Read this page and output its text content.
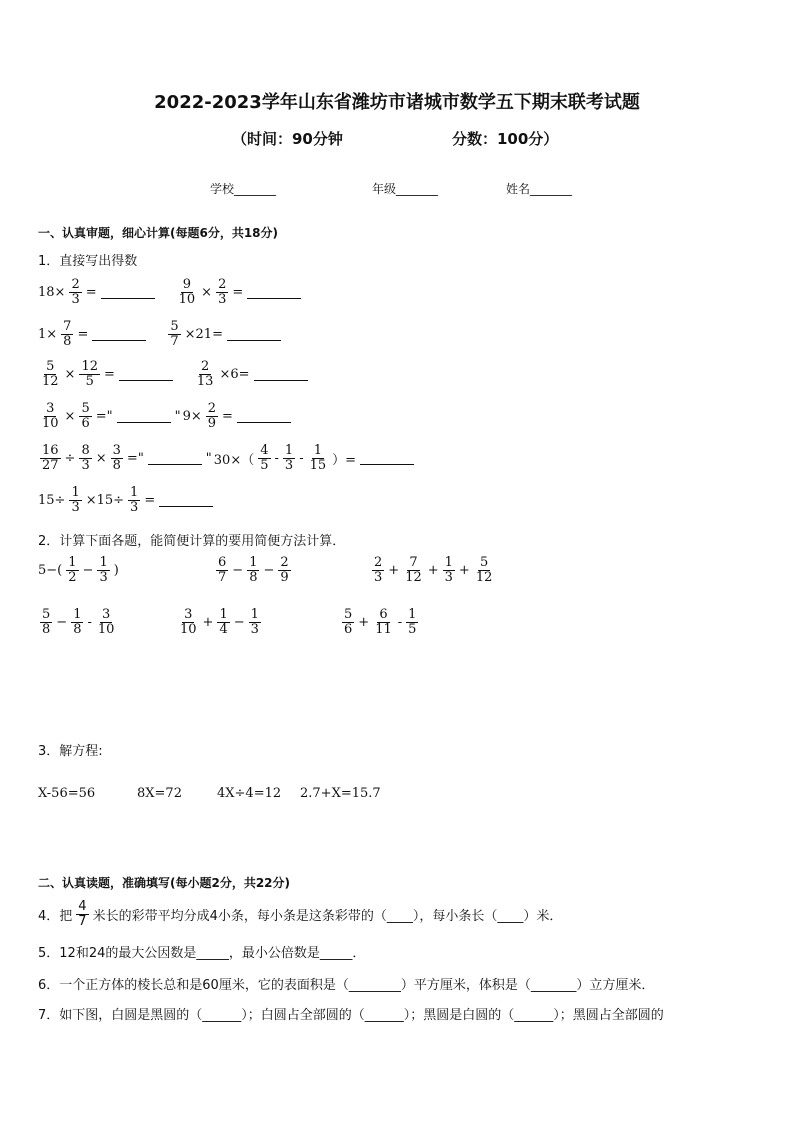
2022-2023学年山东省潍坊市诸城市数学五下期末联考试题
（时间：90分钟	分数：100分）
学校_______	年级_______	姓名_______
一、认真审题，细心计算(每题6分，共18分)
1．直接写出得数
$18\times \frac{2}{3}$ =	$\frac{9}{10} \times \frac{2}{3}$ =
$1\times \frac{7}{8}$ =	$\frac{5}{7} \times 21=$
$\frac{5}{12} \times \frac{12}{5}$ =	$\frac{2}{13} \times 6=$
$\frac{3}{10} \times \frac{5}{6}$ ="	" $9\times \frac{2}{9}$ =
$\frac{16}{27} \div \frac{8}{3} \times \frac{3}{8}$ ="	" $30\times( \frac{4}{5} - \frac{1}{3} - \frac{1}{15}$ ）=
$15\div \frac{1}{3} \times 15\div \frac{1}{3}$ =
2．计算下面各题，能简便计算的要用简便方法计算．
$5-( \frac{1}{2} - \frac{1}{3}$ )	$\frac{6}{7} - \frac{1}{8} - \frac{2}{9}$	$\frac{2}{3} + \frac{7}{12} + \frac{1}{3} + \frac{5}{12}$
$\frac{5}{8} - \frac{1}{8} - \frac{3}{10}$	$\frac{3}{10} + \frac{1}{4} - \frac{1}{3}$	$\frac{5}{6} + \frac{6}{11} - \frac{1}{5}$
3．解方程:
X-56=56	8X=72	4X÷4=12 2.7+X=15.7
二、认真读题，准确填写(每小题2分，共22分)
4．把 $\frac{4}{7}$ 米长的彩带平均分成4小条，每小条是这条彩带的（____），每小条长（____）米．
5．12和24的最大公因数是_____，最小公倍数是_____．
6．一个正方体的棱长总和是60厘米，它的表面积是（________）平方厘米，体积是（_______）立方厘米．
7．如下图，白圆是黑圆的（______）；白圆占全部圆的（______）；黑圆是白圆的（______）；黑圆占全部圆的
